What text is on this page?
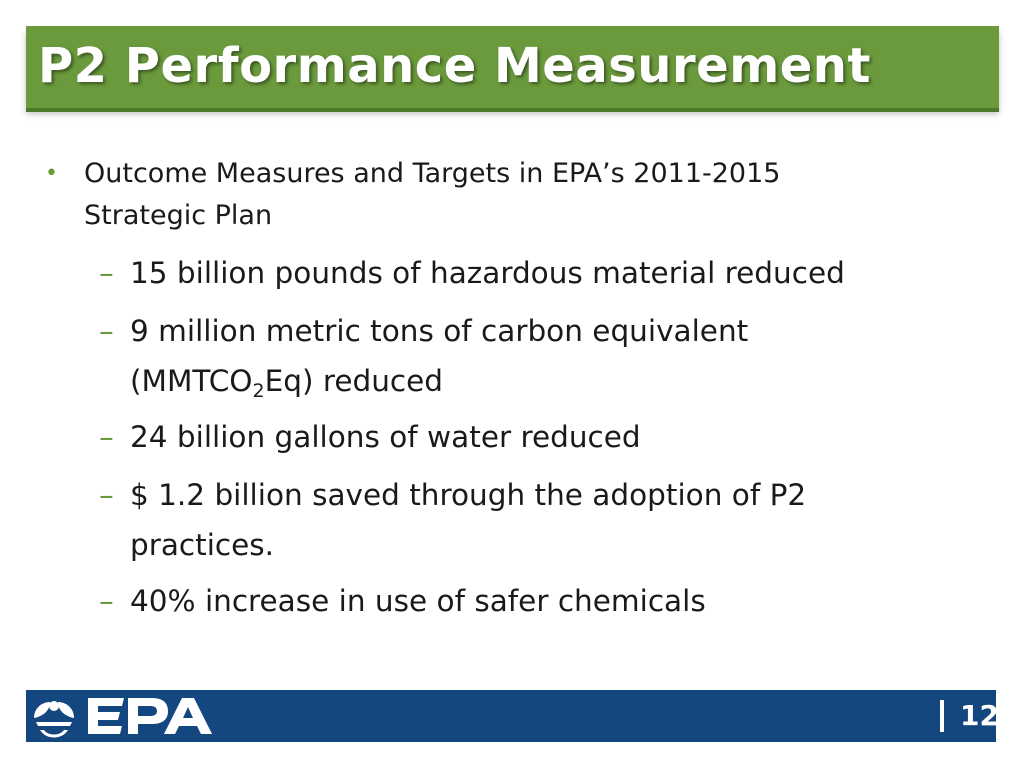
P2 Performance Measurement
• Outcome Measures and Targets in EPA’s 2011-2015
Strategic Plan
– 15 billion pounds of hazardous material reduced
– 9 million metric tons of carbon equivalent
$(MMTCO_2Eq)$ reduced
– 24 billion gallons of water reduced
– $ 1.2 billion saved through the adoption of P2
practices.
– 40% increase in use of safer chemicals
12
